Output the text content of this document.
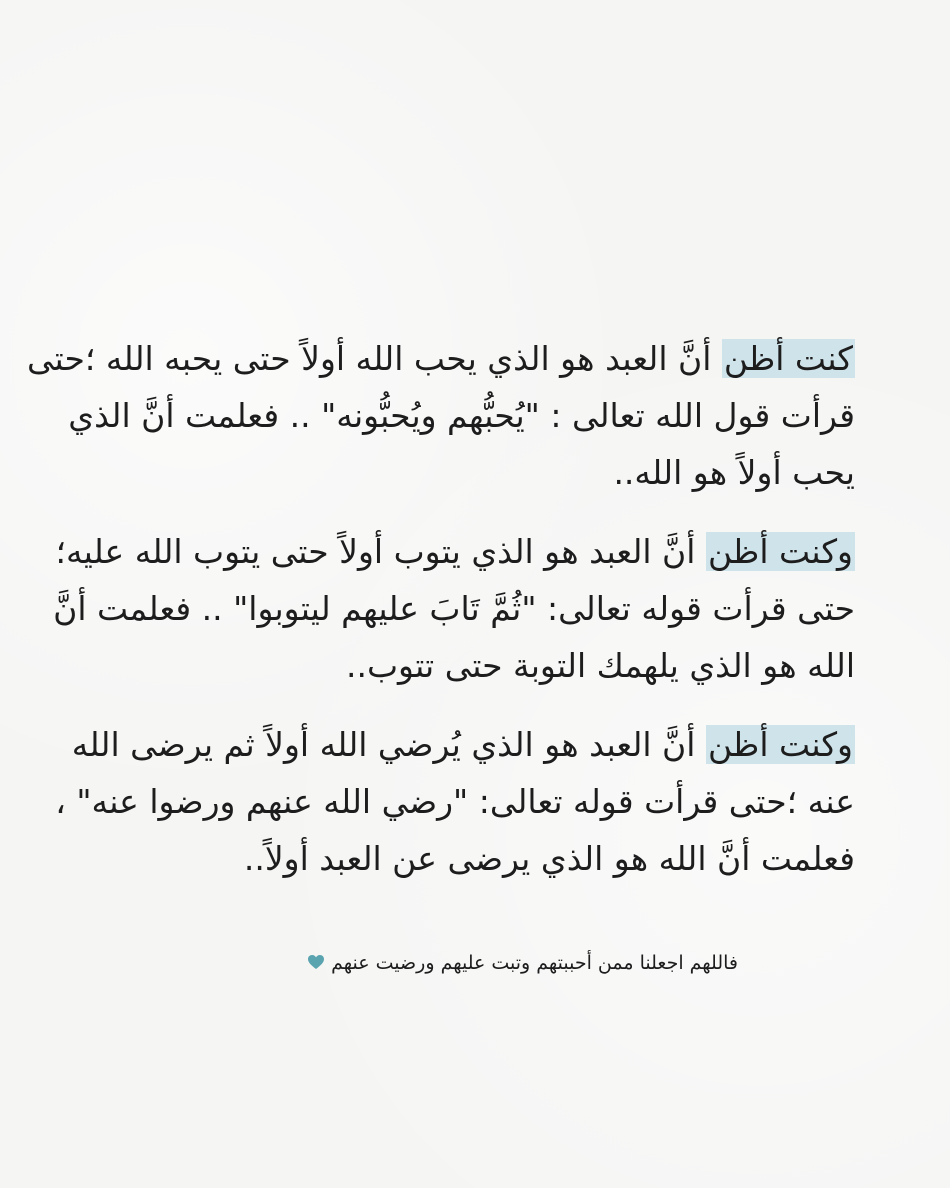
كنت أظن أنَّ العبد هو الذي يحب الله أولاً حتى يحبه الله ؛حتى
قرأت قول الله تعالى : "يُحبُّهم ويُحبُّونه" .. فعلمت أنَّ الذي
يحب أولاً هو الله..

وكنت أظن أنَّ العبد هو الذي يتوب أولاً حتى يتوب الله عليه؛
حتى قرأت قوله تعالى: "ثُمَّ تَابَ عليهم ليتوبوا" .. فعلمت أنَّ
الله هو الذي يلهمك التوبة حتى تتوب..

وكنت أظن أنَّ العبد هو الذي يُرضي الله أولاً ثم يرضى الله
عنه ؛حتى قرأت قوله تعالى: "رضي الله عنهم ورضوا عنه" ،
فعلمت أنَّ الله هو الذي يرضى عن العبد أولاً..

فاللهم اجعلنا ممن أحببتهم وتبت عليهم ورضيت عنهم
